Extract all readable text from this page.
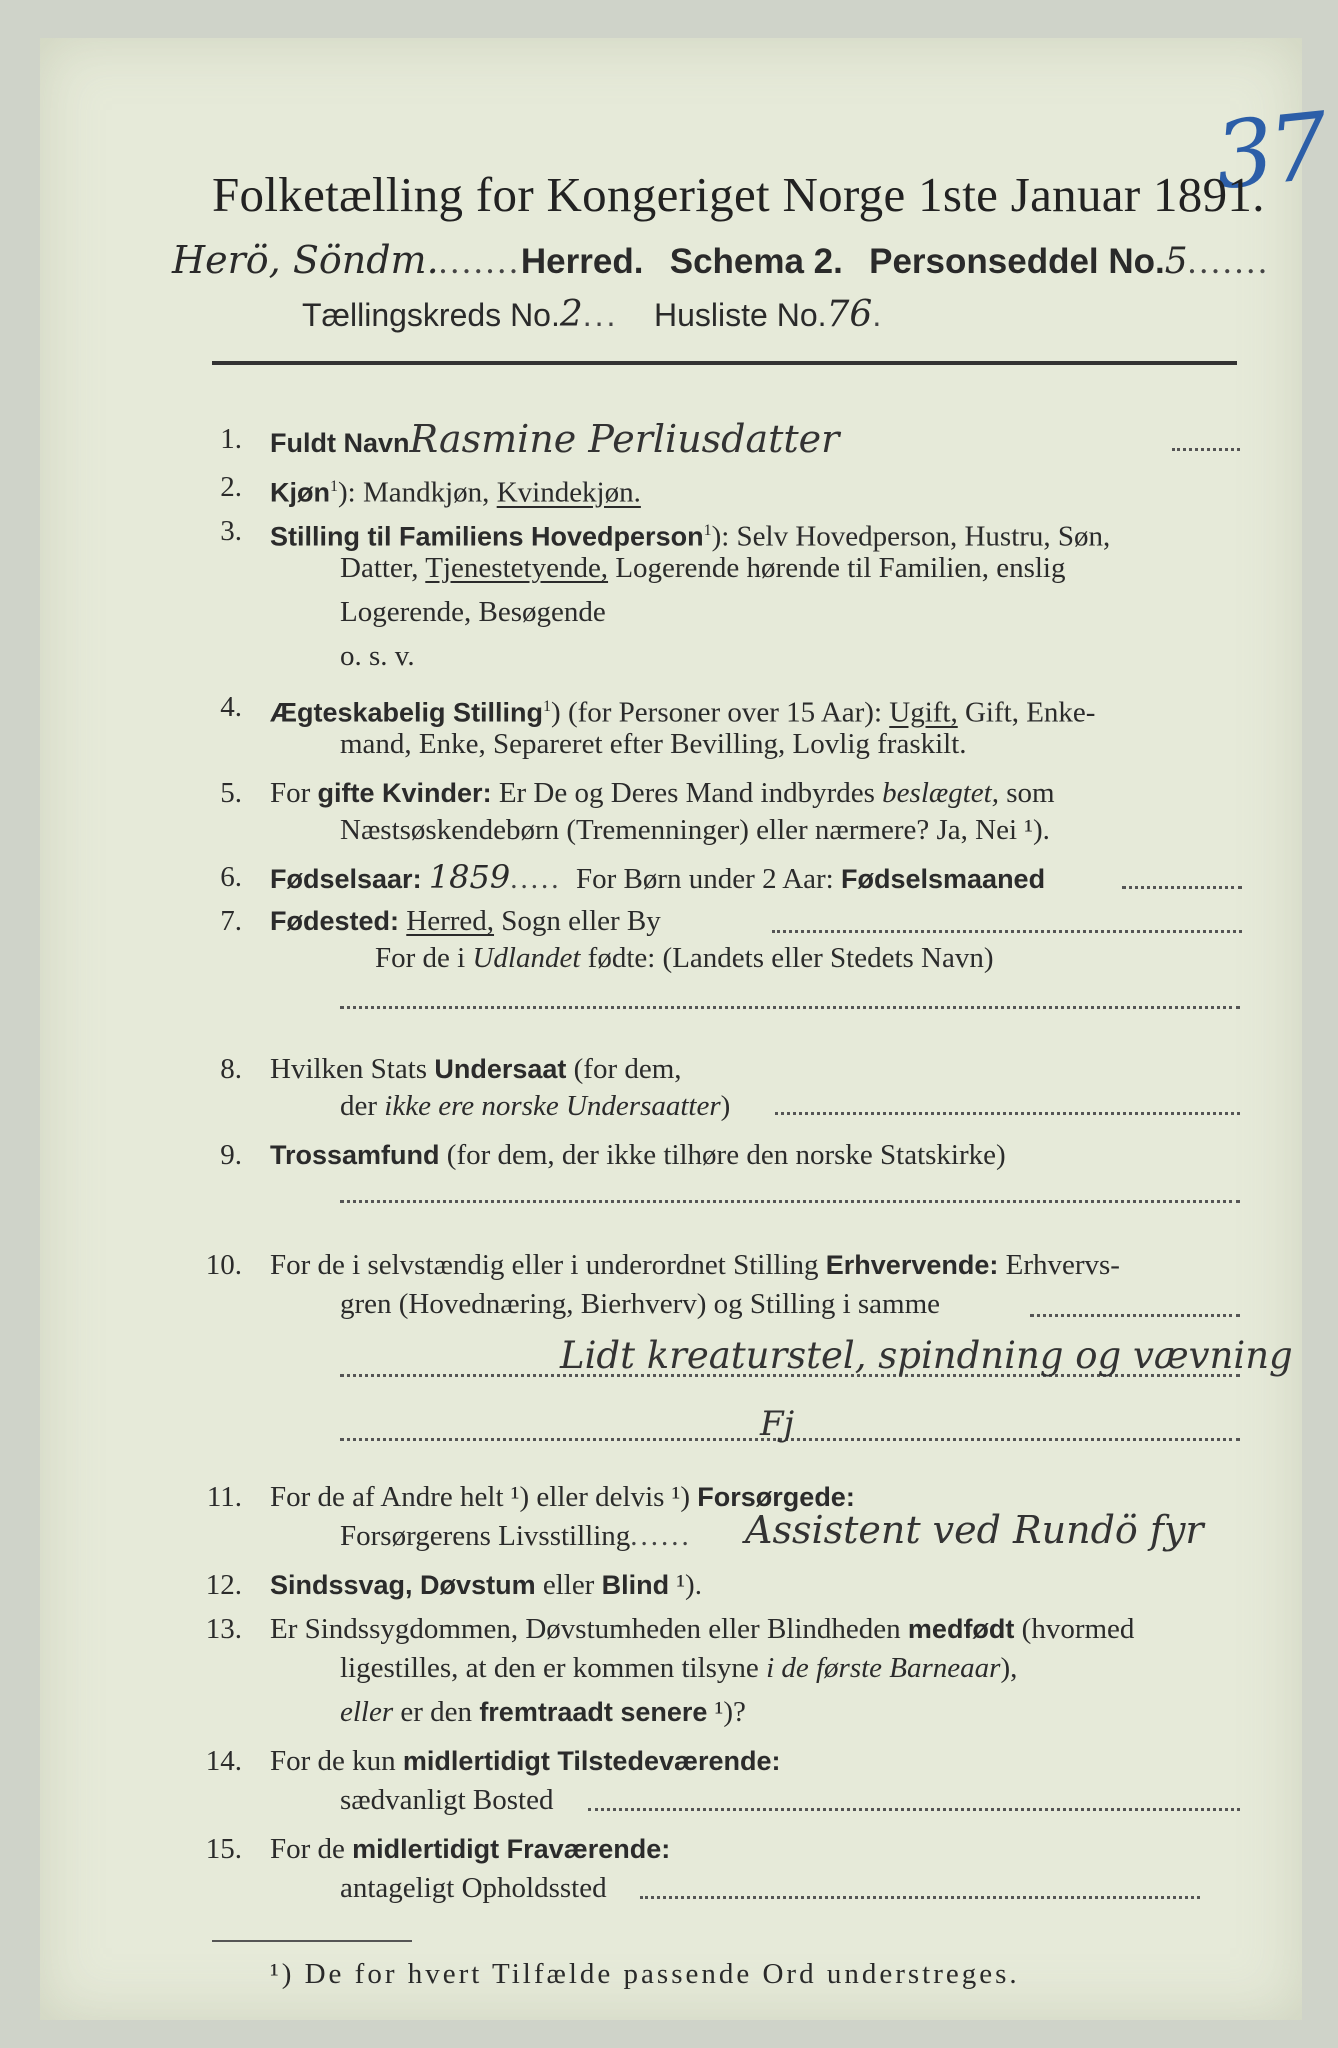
37
Folketælling for Kongeriget Norge 1ste Januar 1891.
Herö, Söndm........Herred. Schema 2. Personseddel No.5.......
Tællingskreds No.2... Husliste No.76.
1. Fuldt NavnRasmine Perliusdatter
2. Kjøn$^1$): Mandkjøn, Kvindekjøn.
3. Stilling til Familiens Hovedperson$^1$): Selv Hovedperson, Hustru, Søn,
Datter, Tjenestetyende, Logerende hørende til Familien, enslig
Logerende, Besøgende
o. s. v.
4. Ægteskabelig Stilling$^1$) (for Personer over 15 Aar): Ugift, Gift, Enke-
mand, Enke, Separeret efter Bevilling, Lovlig fraskilt.
5. For gifte Kvinder: Er De og Deres Mand indbyrdes beslægtet, som
Næstsøskendebørn (Tremenninger) eller nærmere? Ja, Nei ¹).
6. Fødselsaar: 1859..... For Børn under 2 Aar: Fødselsmaaned
7. Fødested: Herred, Sogn eller By
For de i Udlandet fødte: (Landets eller Stedets Navn)
8. Hvilken Stats Undersaat (for dem,
der ikke ere norske Undersaatter)
9. Trossamfund (for dem, der ikke tilhøre den norske Statskirke)
10. For de i selvstændig eller i underordnet Stilling Erhvervende: Erhvervs-
gren (Hovednæring, Bierhverv) og Stilling i samme
Lidt kreaturstel, spindning og vævning
Fj
11. For de af Andre helt ¹) eller delvis ¹) Forsørgede:
Forsørgerens Livsstilling...... Assistent ved Rundö fyr
12. Sindssvag, Døvstum eller Blind ¹).
13. Er Sindssygdommen, Døvstumheden eller Blindheden medfødt (hvormed
ligestilles, at den er kommen tilsyne i de første Barneaar),
eller er den fremtraadt senere ¹)?
14. For de kun midlertidigt Tilstedeværende:
sædvanligt Bosted
15. For de midlertidigt Fraværende:
antageligt Opholdssted
¹) De for hvert Tilfælde passende Ord understreges.
